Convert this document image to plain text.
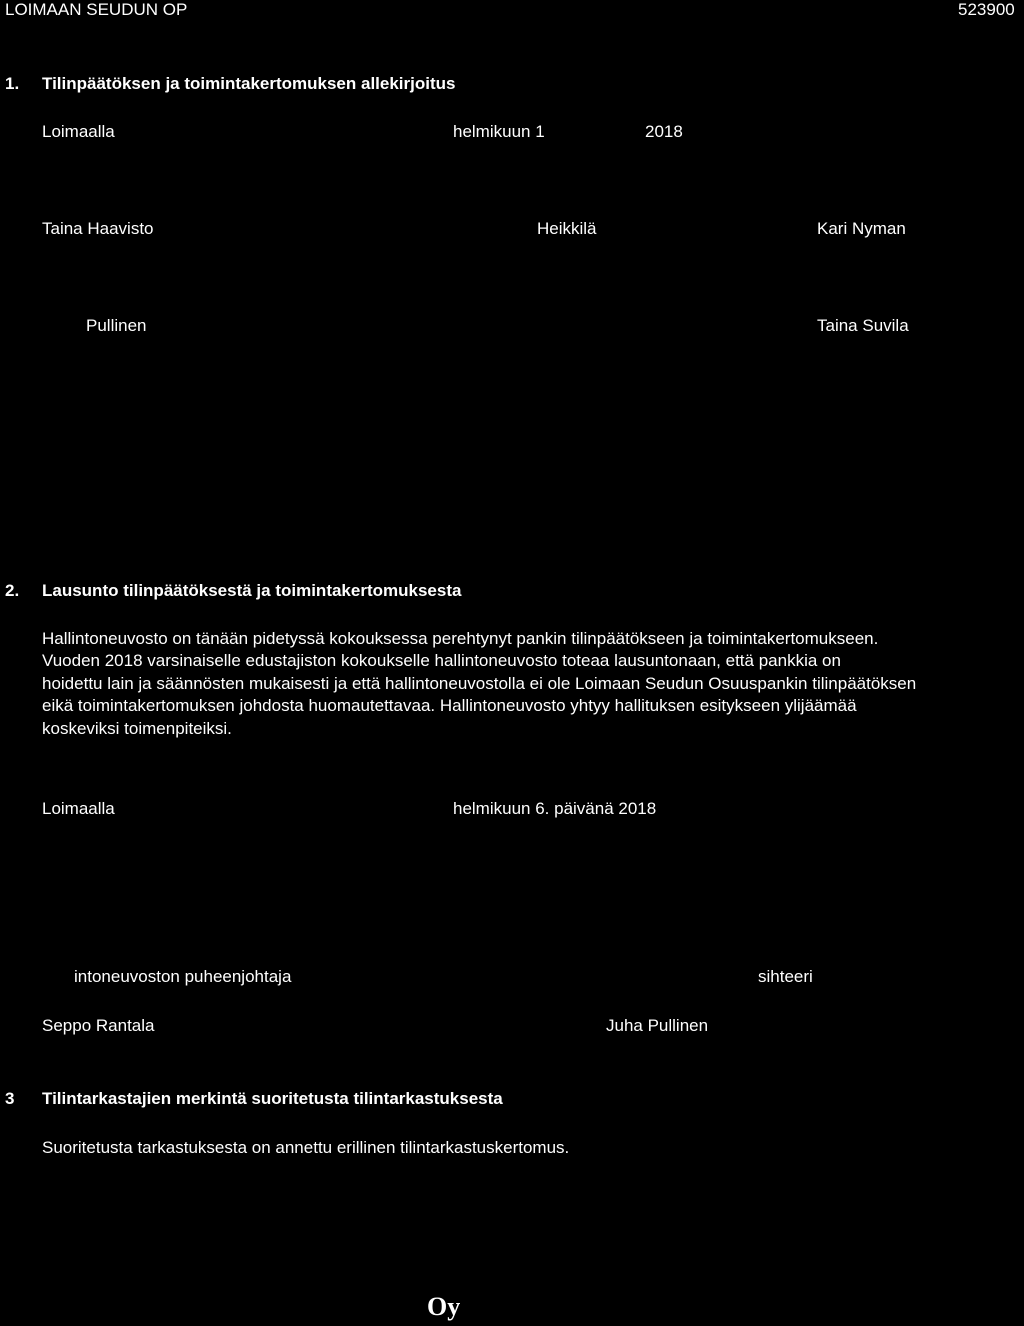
LOIMAAN SEUDUN OP	523900
1. Tilinpäätöksen ja toimintakertomuksen allekirjoitus
Loimaalla	helmikuun 1	2018
Taina Haavisto	Heikkilä	Kari Nyman
Pullinen	Taina Suvila
2. Lausunto tilinpäätöksestä ja toimintakertomuksesta
Hallintoneuvosto on tänään pidetyssä kokouksessa perehtynyt pankin tilinpäätökseen ja toimintakertomukseen.
Vuoden 2018 varsinaiselle edustajiston kokoukselle hallintoneuvosto toteaa lausuntonaan, että pankkia on
hoidettu lain ja säännösten mukaisesti ja että hallintoneuvostolla ei ole Loimaan Seudun Osuuspankin tilinpäätöksen
eikä toimintakertomuksen johdosta huomautettavaa. Hallintoneuvosto yhtyy hallituksen esitykseen ylijäämää
koskeviksi toimenpiteiksi.
Loimaalla	helmikuun 6. päivänä 2018
intoneuvoston puheenjohtaja	sihteeri
Seppo Rantala	Juha Pullinen
3 Tilintarkastajien merkintä suoritetusta tilintarkastuksesta
Suoritetusta tarkastuksesta on annettu erillinen tilintarkastuskertomus.
Oy
